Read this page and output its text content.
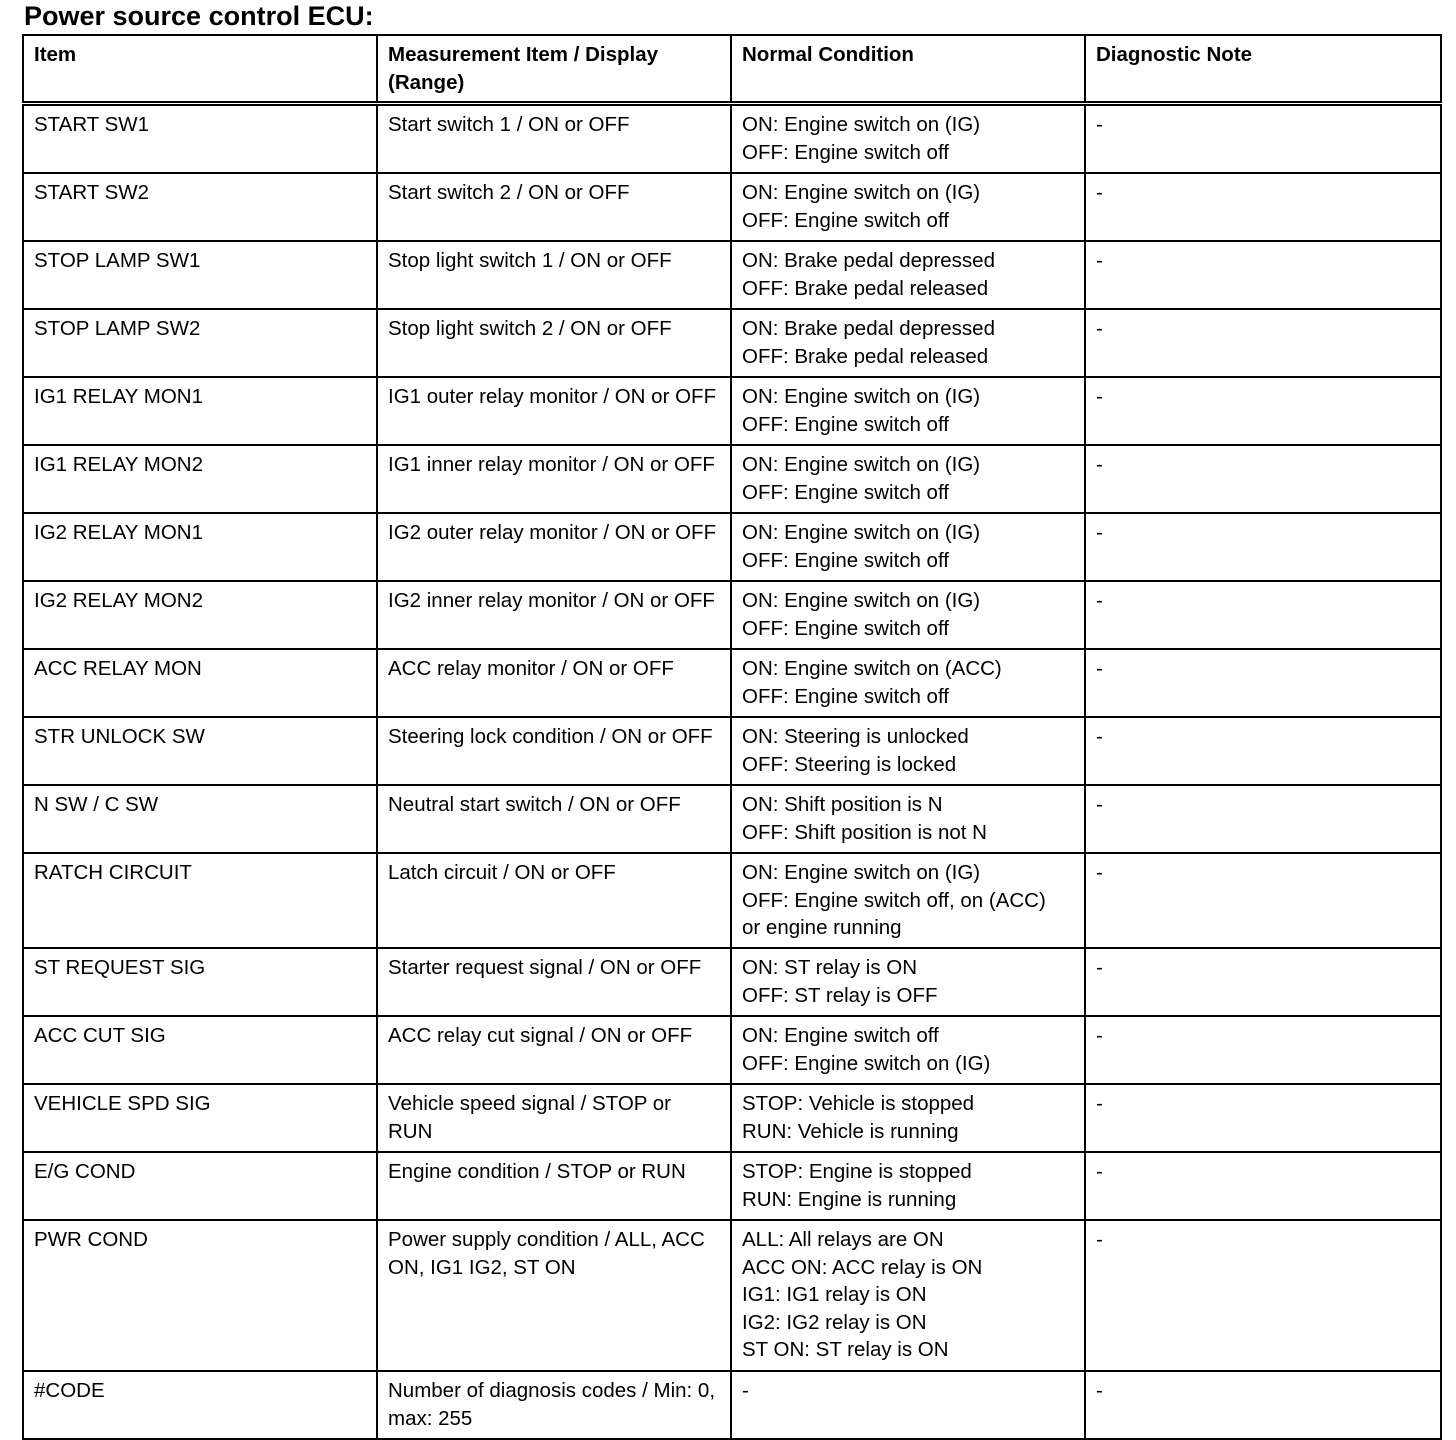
Power source control ECU:
Item	Measurement Item / Display (Range)	Normal Condition	Diagnostic Note
START SW1	Start switch 1 / ON or OFF	ON: Engine switch on (IG)
OFF: Engine switch off	-
START SW2	Start switch 2 / ON or OFF	ON: Engine switch on (IG)
OFF: Engine switch off	-
STOP LAMP SW1	Stop light switch 1 / ON or OFF	ON: Brake pedal depressed
OFF: Brake pedal released	-
STOP LAMP SW2	Stop light switch 2 / ON or OFF	ON: Brake pedal depressed
OFF: Brake pedal released	-
IG1 RELAY MON1	IG1 outer relay monitor / ON or OFF	ON: Engine switch on (IG)
OFF: Engine switch off	-
IG1 RELAY MON2	IG1 inner relay monitor / ON or OFF	ON: Engine switch on (IG)
OFF: Engine switch off	-
IG2 RELAY MON1	IG2 outer relay monitor / ON or OFF	ON: Engine switch on (IG)
OFF: Engine switch off	-
IG2 RELAY MON2	IG2 inner relay monitor / ON or OFF	ON: Engine switch on (IG)
OFF: Engine switch off	-
ACC RELAY MON	ACC relay monitor / ON or OFF	ON: Engine switch on (ACC)
OFF: Engine switch off	-
STR UNLOCK SW	Steering lock condition / ON or OFF	ON: Steering is unlocked
OFF: Steering is locked	-
N SW / C SW	Neutral start switch / ON or OFF	ON: Shift position is N
OFF: Shift position is not N	-
RATCH CIRCUIT	Latch circuit / ON or OFF	ON: Engine switch on (IG)
OFF: Engine switch off, on (ACC)
or engine running	-
ST REQUEST SIG	Starter request signal / ON or OFF	ON: ST relay is ON
OFF: ST relay is OFF	-
ACC CUT SIG	ACC relay cut signal / ON or OFF	ON: Engine switch off
OFF: Engine switch on (IG)	-
VEHICLE SPD SIG	Vehicle speed signal / STOP or RUN	STOP: Vehicle is stopped
RUN: Vehicle is running	-
E/G COND	Engine condition / STOP or RUN	STOP: Engine is stopped
RUN: Engine is running	-
PWR COND	Power supply condition / ALL, ACC ON, IG1 IG2, ST ON	ALL: All relays are ON
ACC ON: ACC relay is ON
IG1: IG1 relay is ON
IG2: IG2 relay is ON
ST ON: ST relay is ON	-
#CODE	Number of diagnosis codes / Min: 0, max: 255	-	-
